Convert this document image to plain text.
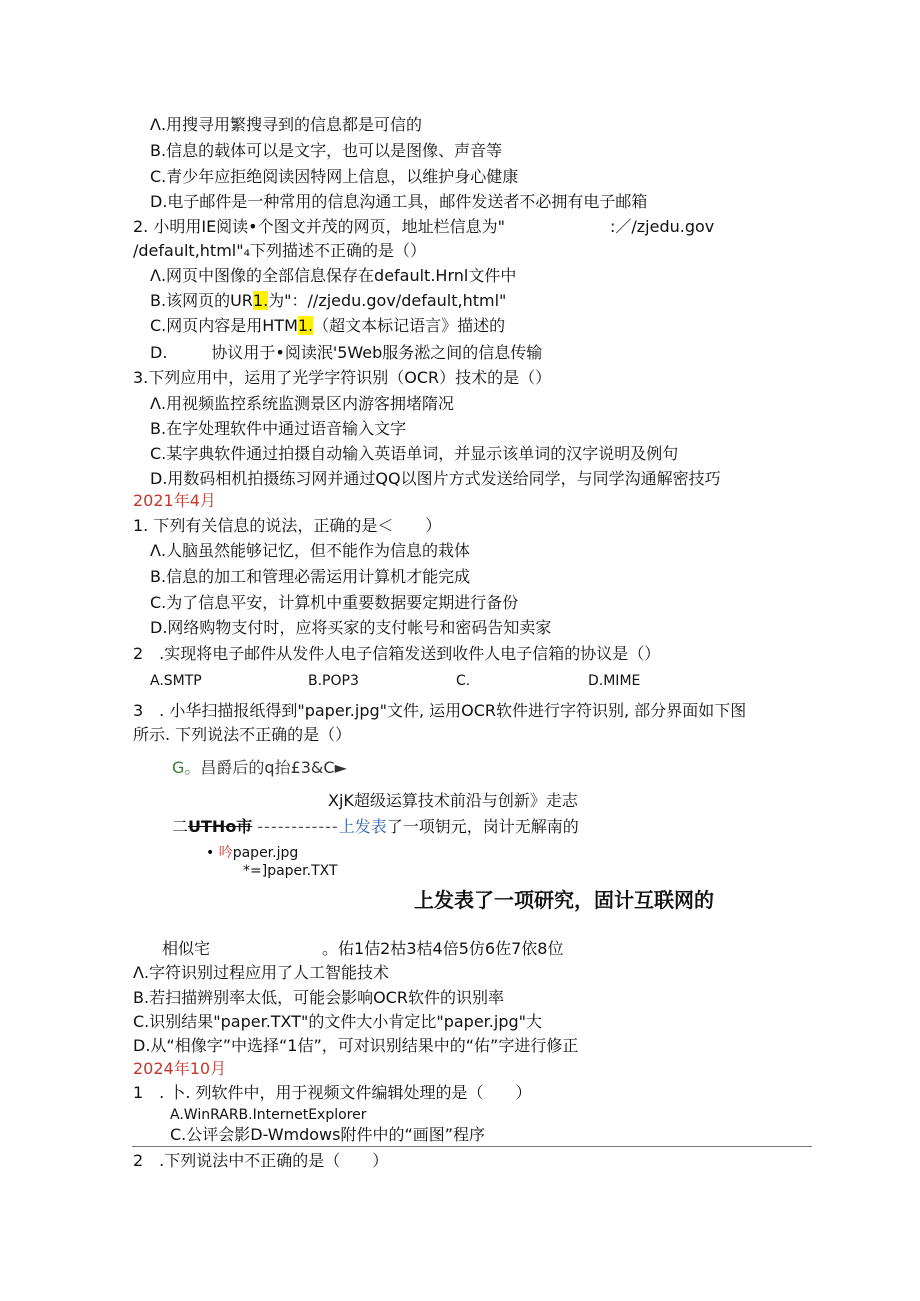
Λ.用搜寻用繁搜寻到的信息都是可信的
B.信息的载体可以是文字，也可以是图像、声音等
C.青少年应拒绝阅读因特网上信息，以维护身心健康
D.电子邮件是一种常用的信息沟通工具，邮件发送者不必拥有电子邮箱
2. 小明用IE阅读•个图文并茂的网页，地址栏信息为"	:／/zjedu.gov
/default,html"₄下列描述不正确的是（）
Λ.网页中图像的全部信息保存在default.Hrnl文件中
B.该网页的UR1.为"：//zjedu.gov/default,html"
C.网页内容是用HTM1.（超文本标记语言》描述的
D.	协议用于•阅读泯'5Web服务淞之间的信息传输
3.下列应用中，运用了光学字符识别（OCR）技术的是（）
Λ.用视频监控系统监测景区内游客拥堵隋况
B.在字处理软件中通过语音输入文字
C.某字典软件通过拍摄自动输入英语单词，并显示该单词的汉字说明及例句
D.用数码相机拍摄练习网并通过QQ以图片方式发送给同学，与同学沟通解密技巧
2021年4月
1. 下列有关信息的说法，正确的是＜　　）
Λ.人脑虽然能够记忆，但不能作为信息的栽体
B.信息的加工和管理必需运用计算机才能完成
C.为了信息平安，计算机中重要数据要定期进行备份
D.网络购物支付时，应将买家的支付帐号和密码告知卖家
2　.实现将电子邮件从发件人电子信箱发送到收件人电子信箱的协议是（）
A.SMTP	B.POP3	C.	D.MIME
3　. 小华扫描报纸得到"paper.jpg"文件, 运用OCR软件进行字符识别, 部分界面如下图
所示. 下列说法不正确的是（）
G。昌爵后的q抬£3&C►
XjK超级运算技术前沿与创新》走志
二UTHo市 ------------上发表了一项钥元，岗计无解南的
• 吟paper.jpg
*=]paper.TXT
上发表了一项研究，固计互联网的
相似宅	。佑1佶2枯3桔4倍5仿6佐7依8位
Λ.字符识别过程应用了人工智能技术
B.若扫描辨别率太低，可能会影响OCR软件的识别率
C.识别结果"paper.TXT"的文件大小肯定比"paper.jpg"大
D.从“相像字”中选择“1佶”，可对识别结果中的“佑”字进行修正
2024年10月
1　. 卜. 列软件中，用于视频文件编辑处理的是（　　）
A.WinRARB.InternetExplorer
C.公评会影D-Wmdows附件中的“画图”程序
2　.下列说法中不正确的是（　　）
